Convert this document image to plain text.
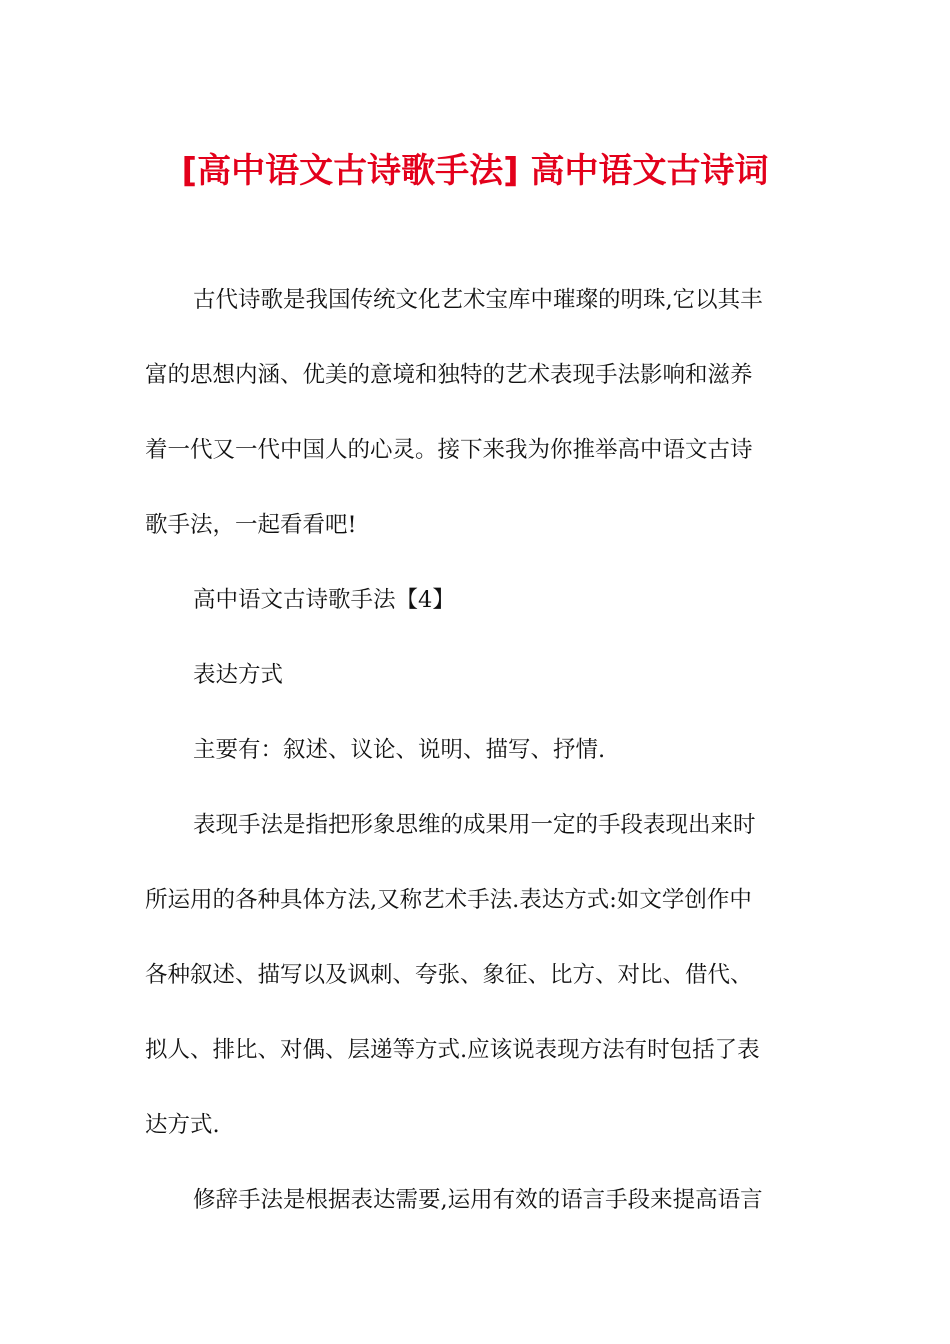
[高中语文古诗歌手法] 高中语文古诗词
古代诗歌是我国传统文化艺术宝库中璀璨的明珠,它以其丰
富的思想内涵、优美的意境和独特的艺术表现手法影响和滋养
着一代又一代中国人的心灵。接下来我为你推举高中语文古诗
歌手法，一起看看吧!
高中语文古诗歌手法【4】
表达方式
主要有：叙述、议论、说明、描写、抒情.
表现手法是指把形象思维的成果用一定的手段表现出来时
所运用的各种具体方法,又称艺术手法.表达方式:如文学创作中
各种叙述、描写以及讽刺、夸张、象征、比方、对比、借代、
拟人、排比、对偶、层递等方式.应该说表现方法有时包括了表
达方式.
修辞手法是根据表达需要,运用有效的语言手段来提高语言
